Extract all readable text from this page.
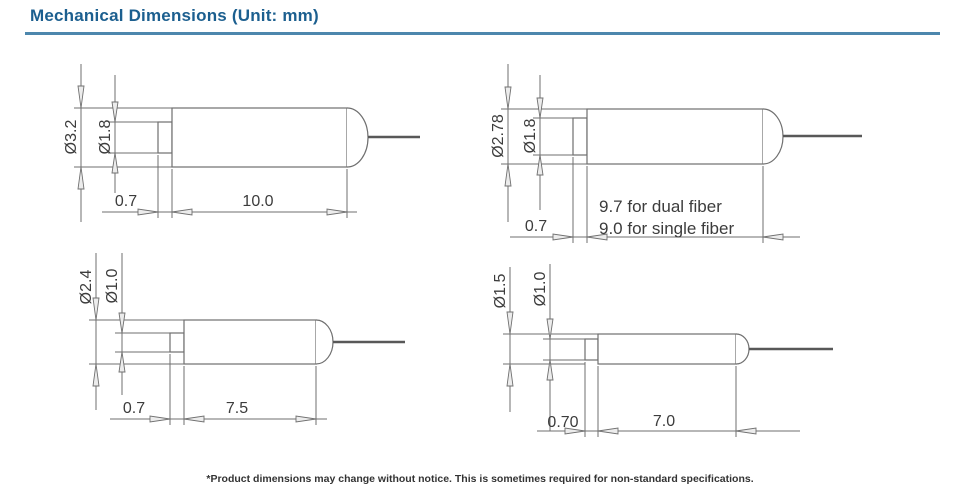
Mechanical Dimensions (Unit: mm)
Ø3.2 Ø1.8
0.7	10.0
Ø2.78 Ø1.8
0.7
9.7 for dual fiber
9.0 for single fiber
Ø2.4 Ø1.0
0.7	7.5
Ø1.5 Ø1.0
0.70	7.0
*Product dimensions may change without notice. This is sometimes required for non-standard specifications.
